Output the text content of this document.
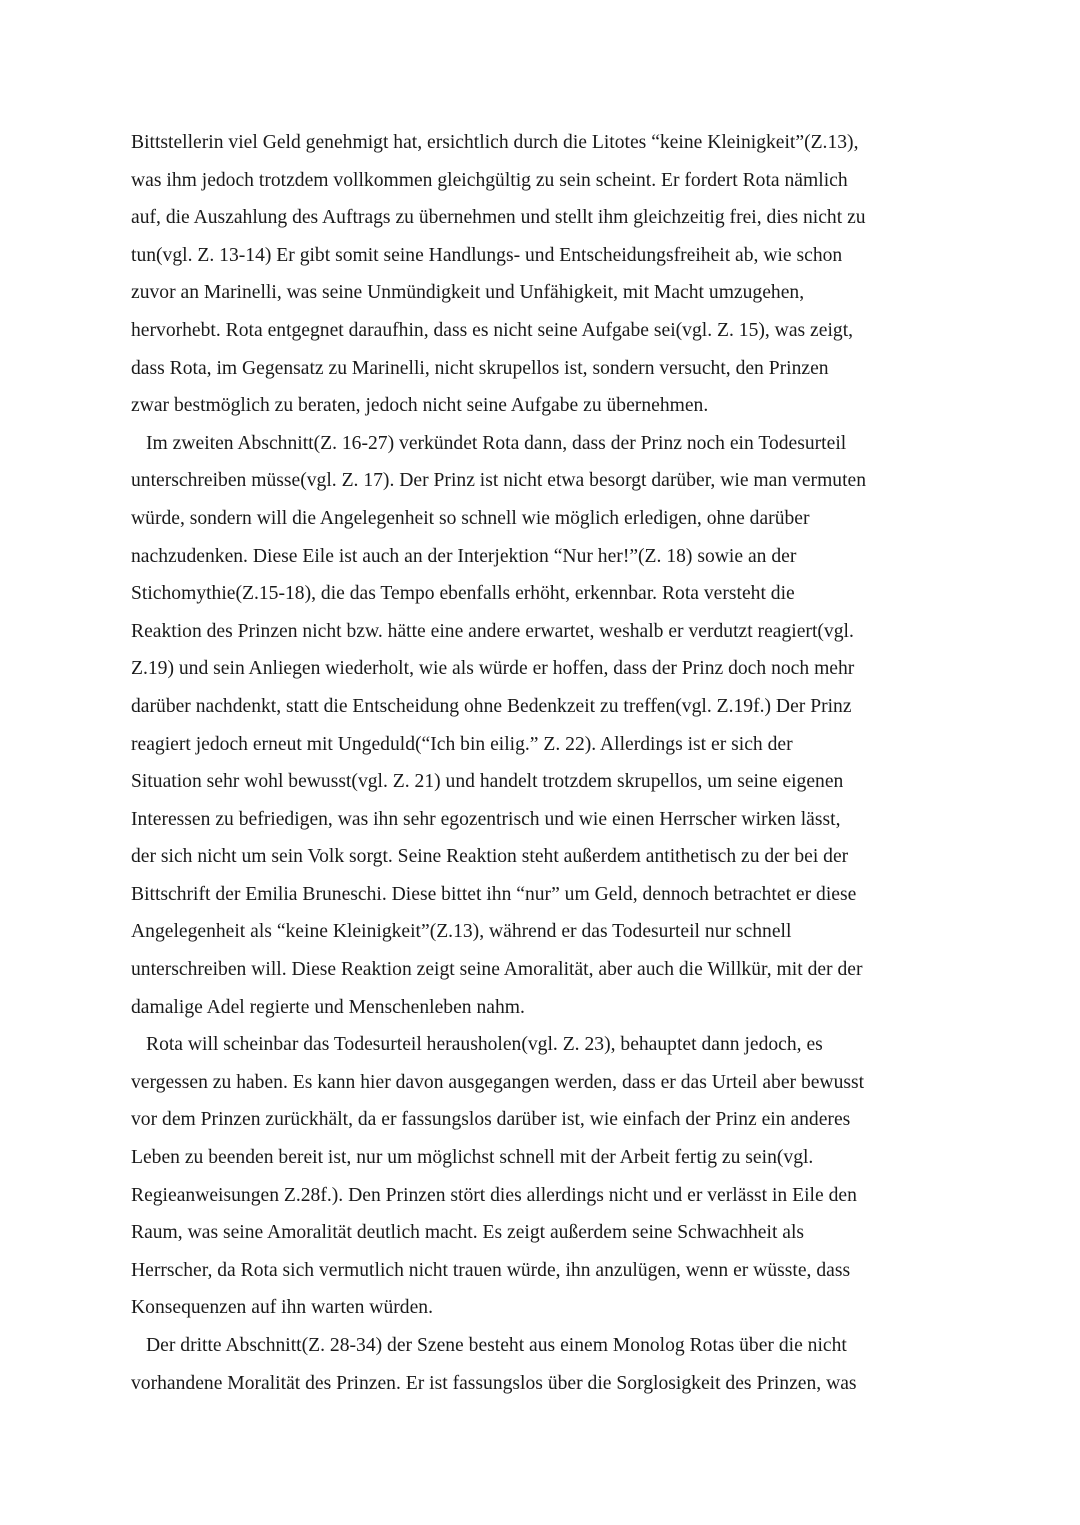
Bittstellerin viel Geld genehmigt hat, ersichtlich durch die Litotes “keine Kleinigkeit”(Z.13),
was ihm jedoch trotzdem vollkommen gleichgültig zu sein scheint. Er fordert Rota nämlich
auf, die Auszahlung des Auftrags zu übernehmen und stellt ihm gleichzeitig frei, dies nicht zu
tun(vgl. Z. 13-14) Er gibt somit seine Handlungs- und Entscheidungsfreiheit ab, wie schon
zuvor an Marinelli, was seine Unmündigkeit und Unfähigkeit, mit Macht umzugehen,
hervorhebt. Rota entgegnet daraufhin, dass es nicht seine Aufgabe sei(vgl. Z. 15), was zeigt,
dass Rota, im Gegensatz zu Marinelli, nicht skrupellos ist, sondern versucht, den Prinzen
zwar bestmöglich zu beraten, jedoch nicht seine Aufgabe zu übernehmen.
Im zweiten Abschnitt(Z. 16-27) verkündet Rota dann, dass der Prinz noch ein Todesurteil
unterschreiben müsse(vgl. Z. 17). Der Prinz ist nicht etwa besorgt darüber, wie man vermuten
würde, sondern will die Angelegenheit so schnell wie möglich erledigen, ohne darüber
nachzudenken. Diese Eile ist auch an der Interjektion “Nur her!”(Z. 18) sowie an der
Stichomythie(Z.15-18), die das Tempo ebenfalls erhöht, erkennbar. Rota versteht die
Reaktion des Prinzen nicht bzw. hätte eine andere erwartet, weshalb er verdutzt reagiert(vgl.
Z.19) und sein Anliegen wiederholt, wie als würde er hoffen, dass der Prinz doch noch mehr
darüber nachdenkt, statt die Entscheidung ohne Bedenkzeit zu treffen(vgl. Z.19f.) Der Prinz
reagiert jedoch erneut mit Ungeduld(“Ich bin eilig.” Z. 22). Allerdings ist er sich der
Situation sehr wohl bewusst(vgl. Z. 21) und handelt trotzdem skrupellos, um seine eigenen
Interessen zu befriedigen, was ihn sehr egozentrisch und wie einen Herrscher wirken lässt,
der sich nicht um sein Volk sorgt. Seine Reaktion steht außerdem antithetisch zu der bei der
Bittschrift der Emilia Bruneschi. Diese bittet ihn “nur” um Geld, dennoch betrachtet er diese
Angelegenheit als “keine Kleinigkeit”(Z.13), während er das Todesurteil nur schnell
unterschreiben will. Diese Reaktion zeigt seine Amoralität, aber auch die Willkür, mit der der
damalige Adel regierte und Menschenleben nahm.
Rota will scheinbar das Todesurteil herausholen(vgl. Z. 23), behauptet dann jedoch, es
vergessen zu haben. Es kann hier davon ausgegangen werden, dass er das Urteil aber bewusst
vor dem Prinzen zurückhält, da er fassungslos darüber ist, wie einfach der Prinz ein anderes
Leben zu beenden bereit ist, nur um möglichst schnell mit der Arbeit fertig zu sein(vgl.
Regieanweisungen Z.28f.). Den Prinzen stört dies allerdings nicht und er verlässt in Eile den
Raum, was seine Amoralität deutlich macht. Es zeigt außerdem seine Schwachheit als
Herrscher, da Rota sich vermutlich nicht trauen würde, ihn anzulügen, wenn er wüsste, dass
Konsequenzen auf ihn warten würden.
Der dritte Abschnitt(Z. 28-34) der Szene besteht aus einem Monolog Rotas über die nicht
vorhandene Moralität des Prinzen. Er ist fassungslos über die Sorglosigkeit des Prinzen, was
